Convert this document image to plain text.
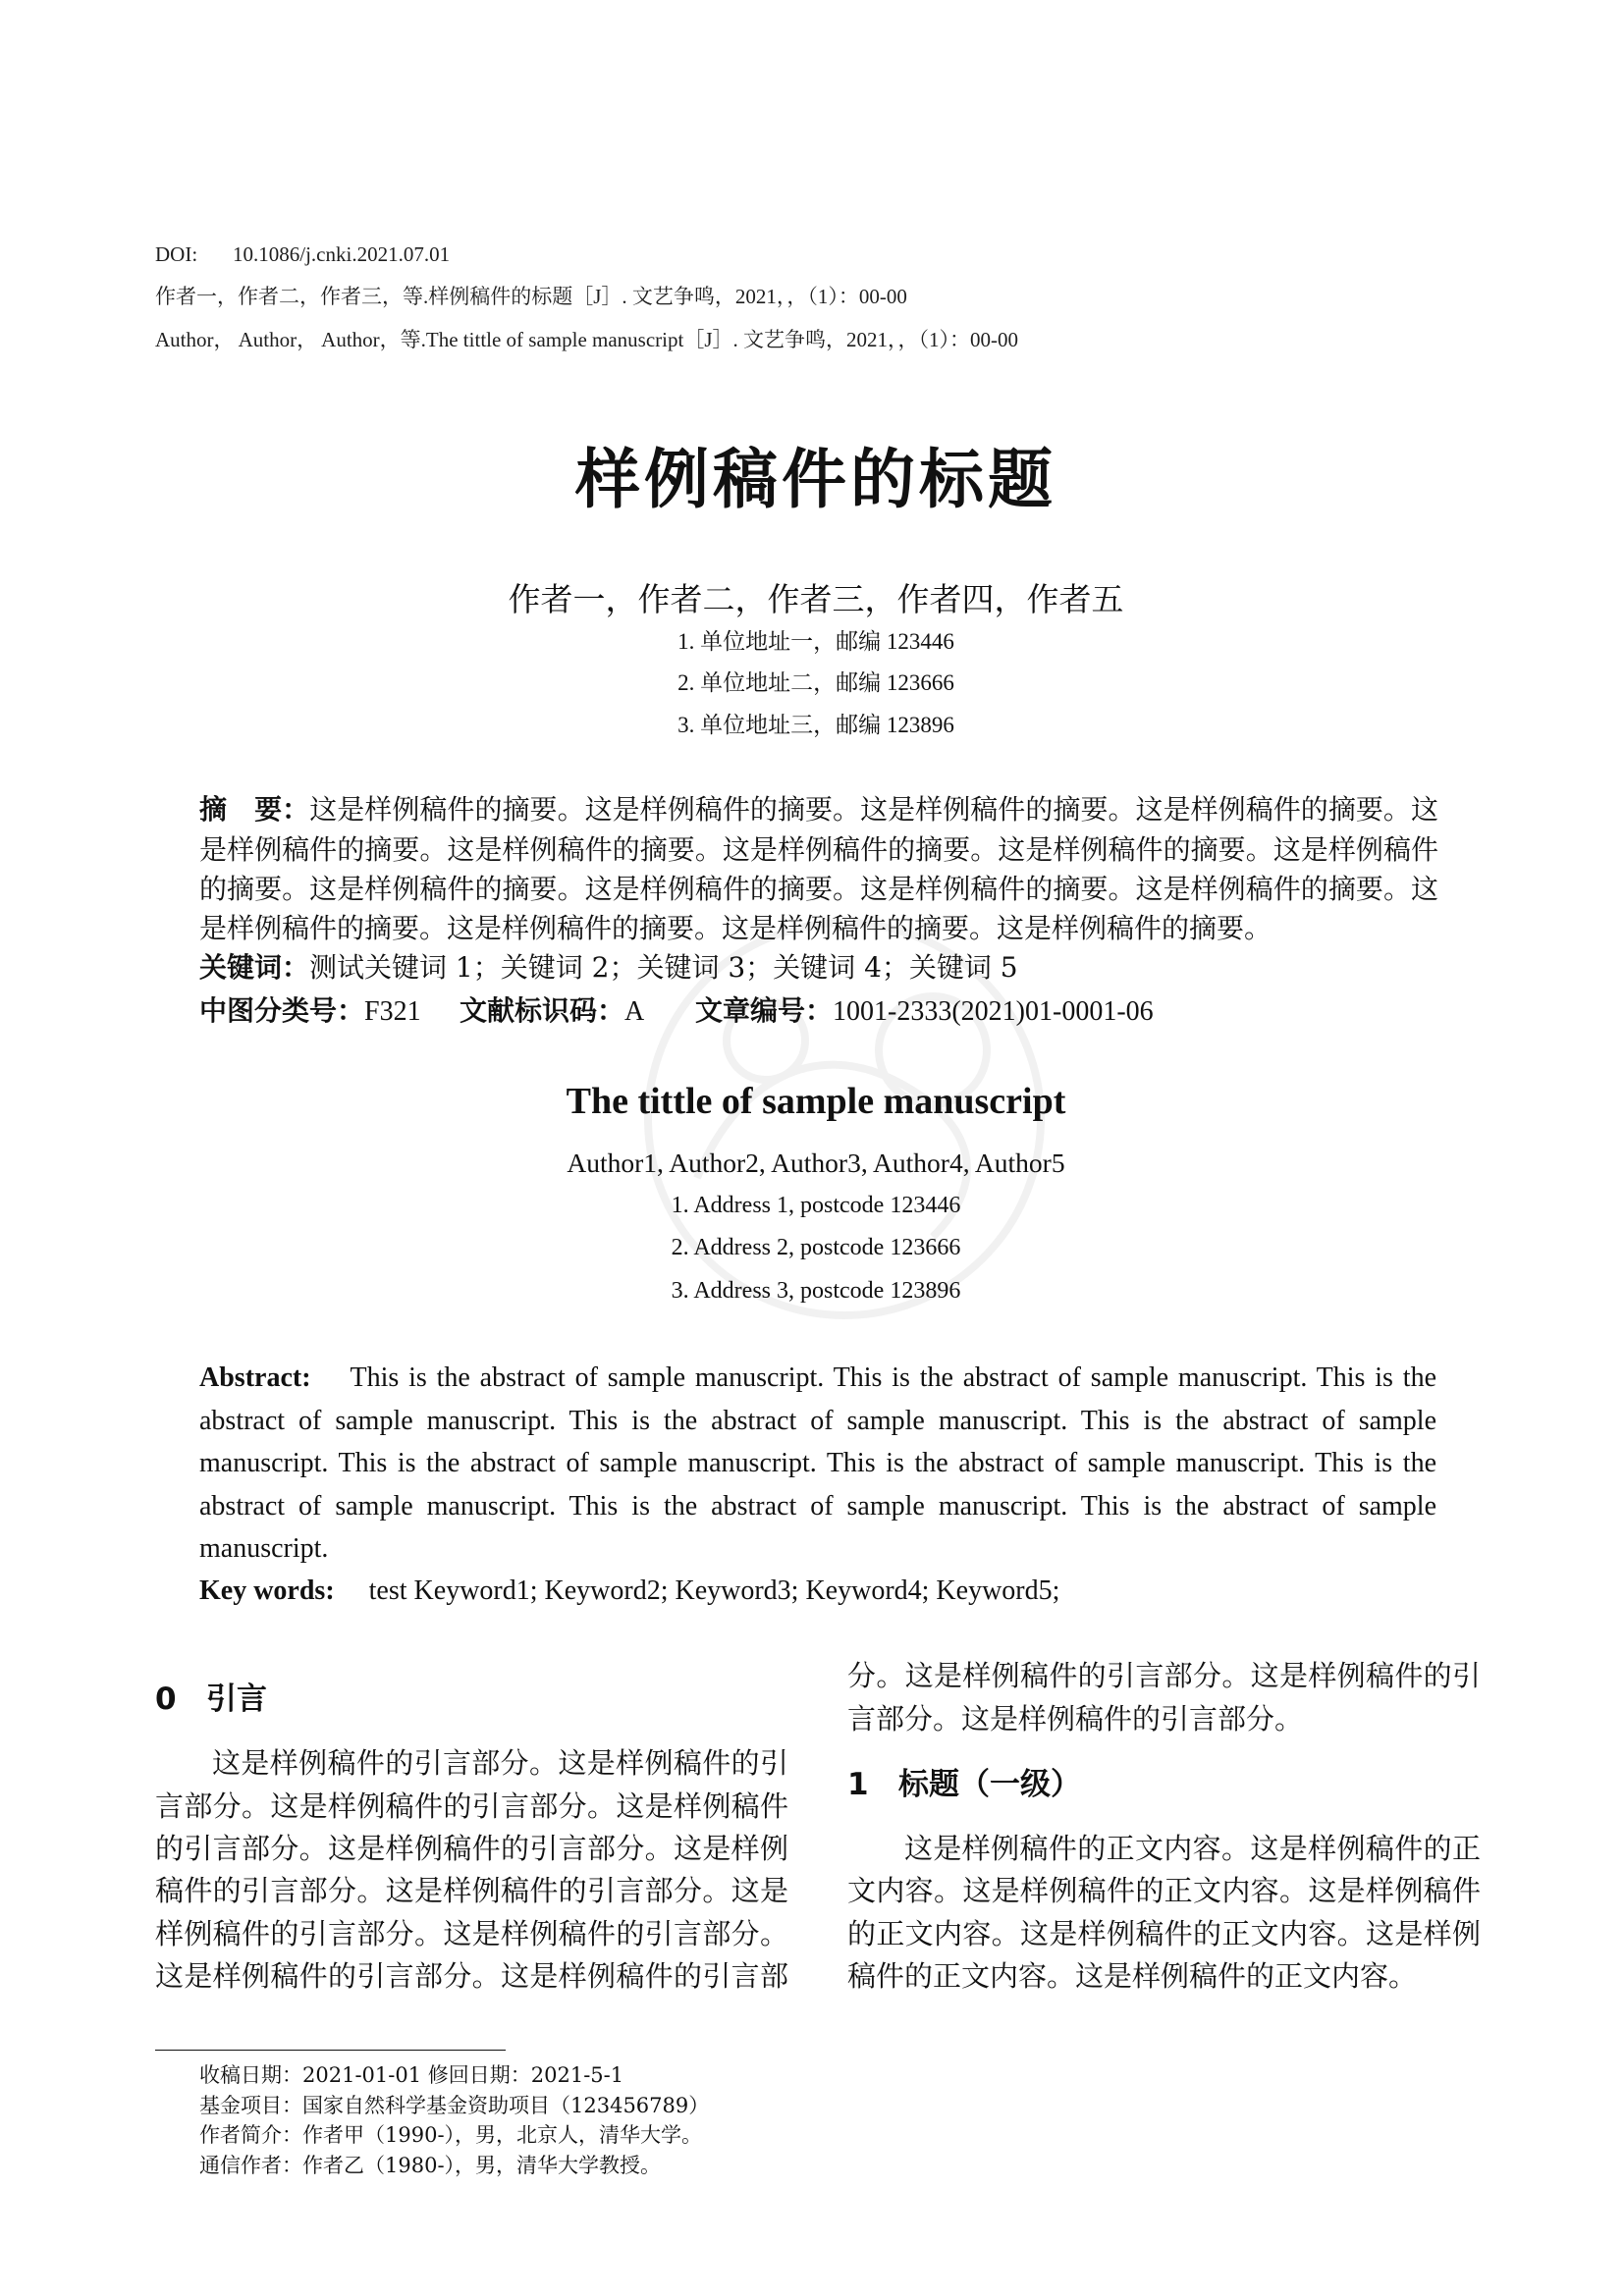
DOI: 10.1086/j.cnki.2021.07.01
作者一，作者二，作者三，等.样例稿件的标题［J］. 文艺争鸣，2021，，（1）：00-00
Author， Author， Author，等.The tittle of sample manuscript［J］. 文艺争鸣，2021，，（1）：00-00
样例稿件的标题
作者一，作者二，作者三，作者四，作者五
1. 单位地址一，邮编 123446
2. 单位地址二，邮编 123666
3. 单位地址三，邮编 123896

摘　要：这是样例稿件的摘要。这是样例稿件的摘要。这是样例稿件的摘要。这是样例稿件的摘要。这是样例稿件的摘要。这是样例稿件的摘要。这是样例稿件的摘要。这是样例稿件的摘要。这是样例稿件的摘要。这是样例稿件的摘要。这是样例稿件的摘要。这是样例稿件的摘要。这是样例稿件的摘要。这是样例稿件的摘要。这是样例稿件的摘要。这是样例稿件的摘要。这是样例稿件的摘要。

关键词：测试关键词 1；关键词 2；关键词 3；关键词 4；关键词 5
中图分类号：F321 文献标识码：A 文章编号：1001-2333(2021)01-0001-06
The tittle of sample manuscript
Author1, Author2, Author3, Author4, Author5
1. Address 1, postcode 123446
2. Address 2, postcode 123666
3. Address 3, postcode 123896

Abstract: This is the abstract of sample manuscript. This is the abstract of sample manuscript. This is the abstract of sample manuscript. This is the abstract of sample manuscript. This is the abstract of sample manuscript. This is the abstract of sample manuscript. This is the abstract of sample manuscript. This is the abstract of sample manuscript. This is the abstract of sample manuscript. This is the abstract of sample manuscript.

Key words: test Keyword1; Keyword2; Keyword3; Keyword4; Keyword5;
0 引言

这是样例稿件的引言部分。这是样例稿件的引言部分。这是样例稿件的引言部分。这是样例稿件的引言部分。这是样例稿件的引言部分。这是样例稿件的引言部分。这是样例稿件的引言部分。这是样例稿件的引言部分。这是样例稿件的引言部分。这是样例稿件的引言部分。这是样例稿件的引言部分。这是样例稿件的引言部分。这是样例稿件的引言部分。这是样例稿件的引言部分。

1 标题（一级）

这是样例稿件的正文内容。这是样例稿件的正文内容。这是样例稿件的正文内容。这是样例稿件的正文内容。这是样例稿件的正文内容。这是样例稿件的正文内容。这是样例稿件的正文内容。

收稿日期：2021-01-01 修回日期：2021-5-1
基金项目：国家自然科学基金资助项目（123456789）
作者简介：作者甲（1990-），男，北京人，清华大学。
通信作者：作者乙（1980-），男，清华大学教授。
